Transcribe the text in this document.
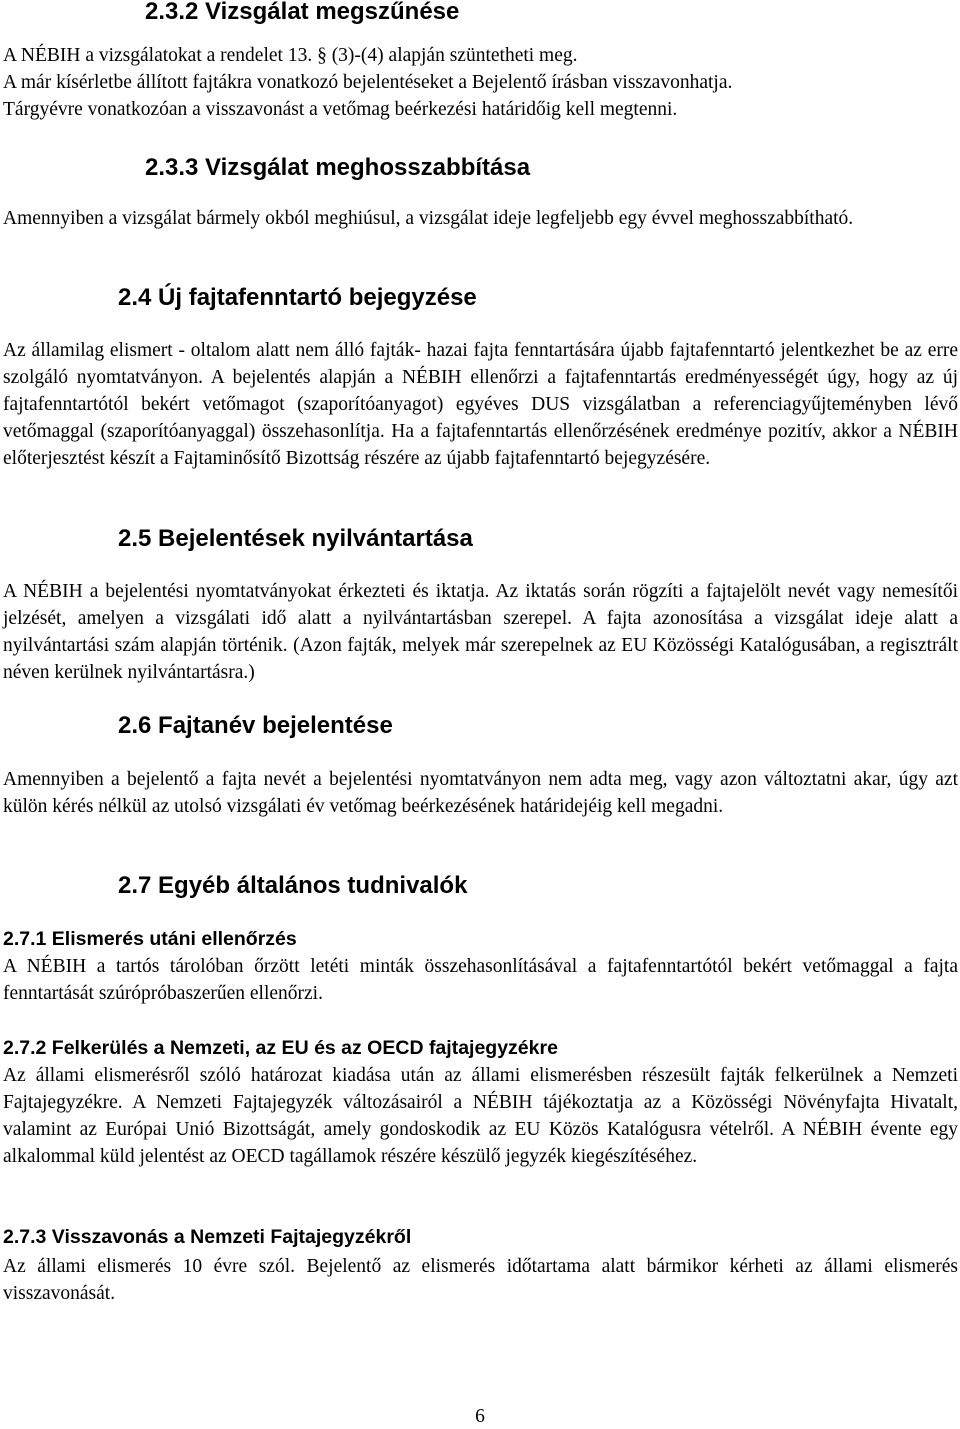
2.3.2 Vizsgálat megszűnése

A NÉBIH a vizsgálatokat a rendelet 13. § (3)-(4) alapján szüntetheti meg.
A már kísérletbe állított fajtákra vonatkozó bejelentéseket a Bejelentő írásban visszavonhatja.
Tárgyévre vonatkozóan a visszavonást a vetőmag beérkezési határidőig kell megtenni.

2.3.3 Vizsgálat meghosszabbítása

Amennyiben a vizsgálat bármely okból meghiúsul, a vizsgálat ideje legfeljebb egy évvel meghosszabbítható.

2.4 Új fajtafenntartó bejegyzése

Az államilag elismert - oltalom alatt nem álló fajták- hazai fajta fenntartására újabb fajtafenntartó jelentkezhet be az erre szolgáló nyomtatványon. A bejelentés alapján a NÉBIH ellenőrzi a fajtafenntartás eredményességét úgy, hogy az új fajtafenntartótól bekért vetőmagot (szaporítóanyagot) egyéves DUS vizsgálatban a referenciagyűjteményben lévő vetőmaggal (szaporítóanyaggal) összehasonlítja. Ha a fajtafenntartás ellenőrzésének eredménye pozitív, akkor a NÉBIH előterjesztést készít a Fajtaminősítő Bizottság részére az újabb fajtafenntartó bejegyzésére.

2.5 Bejelentések nyilvántartása

A NÉBIH a bejelentési nyomtatványokat érkezteti és iktatja. Az iktatás során rögzíti a fajtajelölt nevét vagy nemesítői jelzését, amelyen a vizsgálati idő alatt a nyilvántartásban szerepel. A fajta azonosítása a vizsgálat ideje alatt a nyilvántartási szám alapján történik. (Azon fajták, melyek már szerepelnek az EU Közösségi Katalógusában, a regisztrált néven kerülnek nyilvántartásra.)

2.6 Fajtanév bejelentése

Amennyiben a bejelentő a fajta nevét a bejelentési nyomtatványon nem adta meg, vagy azon változtatni akar, úgy azt külön kérés nélkül az utolsó vizsgálati év vetőmag beérkezésének határidejéig kell megadni.

2.7 Egyéb általános tudnivalók
2.7.1 Elismerés utáni ellenőrzés

A NÉBIH a tartós tárolóban őrzött letéti minták összehasonlításával a fajtafenntartótól bekért vetőmaggal a fajta fenntartását szúrópróbaszerűen ellenőrzi.

2.7.2 Felkerülés a Nemzeti, az EU és az OECD fajtajegyzékre

Az állami elismerésről szóló határozat kiadása után az állami elismerésben részesült fajták felkerülnek a Nemzeti Fajtajegyzékre. A Nemzeti Fajtajegyzék változásairól a NÉBIH tájékoztatja az a Közösségi Növényfajta Hivatalt, valamint az Európai Unió Bizottságát, amely gondoskodik az EU Közös Katalógusra vételről. A NÉBIH évente egy alkalommal küld jelentést az OECD tagállamok részére készülő jegyzék kiegészítéséhez.

2.7.3 Visszavonás a Nemzeti Fajtajegyzékről

Az állami elismerés 10 évre szól. Bejelentő az elismerés időtartama alatt bármikor kérheti az állami elismerés visszavonását.

6
